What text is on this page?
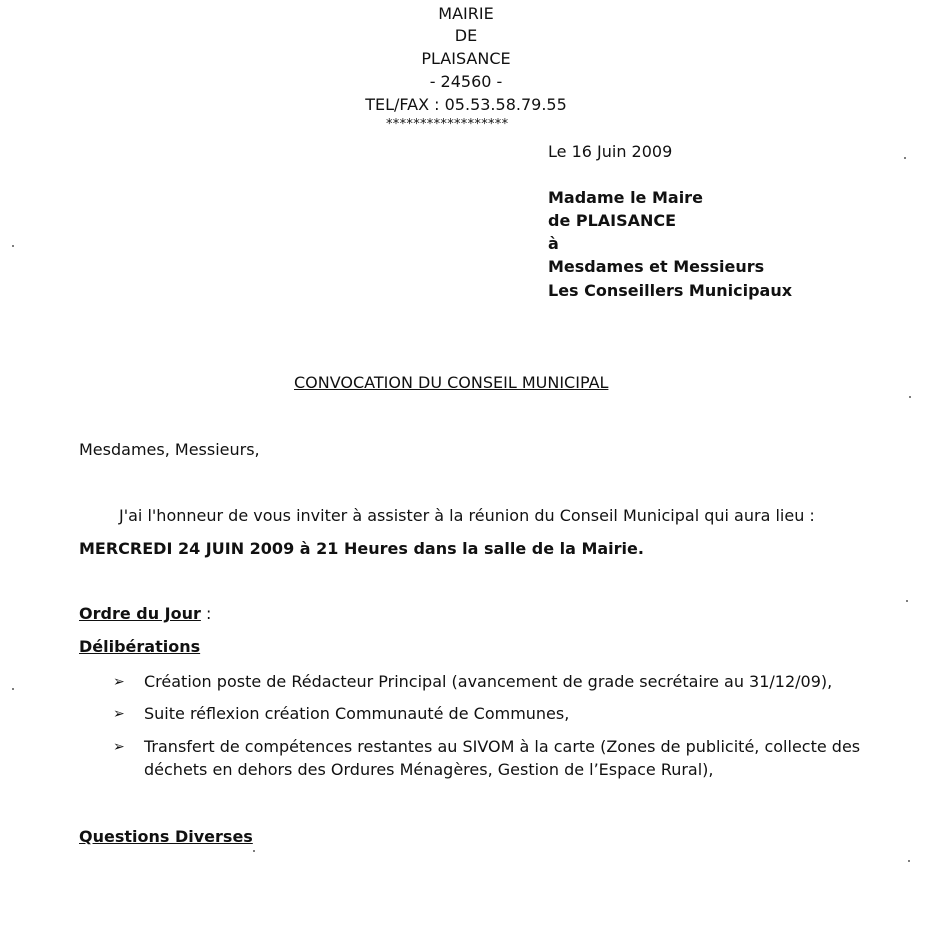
MAIRIE
DE
PLAISANCE
- 24560 -
TEL/FAX : 05.53.58.79.55
******************
Le 16 Juin 2009
Madame le Maire
de PLAISANCE
à
Mesdames et Messieurs
Les Conseillers Municipaux
CONVOCATION DU CONSEIL MUNICIPAL
Mesdames, Messieurs,
J'ai l'honneur de vous inviter à assister à la réunion du Conseil Municipal qui aura lieu :
MERCREDI 24 JUIN 2009 à 21 Heures dans la salle de la Mairie.
Ordre du Jour :
Délibérations
➢ Création poste de Rédacteur Principal (avancement de grade secrétaire au 31/12/09),
➢ Suite réflexion création Communauté de Communes,
➢ Transfert de compétences restantes au SIVOM à la carte (Zones de publicité, collecte des
déchets en dehors des Ordures Ménagères, Gestion de l’Espace Rural),
Questions Diverses
